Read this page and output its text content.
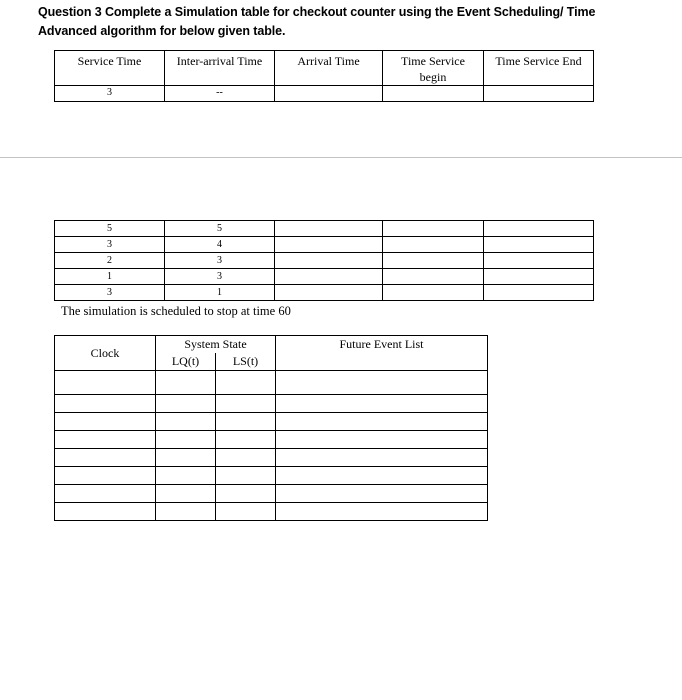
Question 3 Complete a Simulation table for checkout counter using the Event Scheduling/ Time
Advanced algorithm for below given table.
Service Time	Inter-arrival Time	Arrival Time	Time Service begin	Time Service End
3	--			
5	5			
3	4			
2	3			
1	3			
3	1			
The simulation is scheduled to stop at time 60
Clock	System State		Future Event List
	LQ(t)	LS(t)	
